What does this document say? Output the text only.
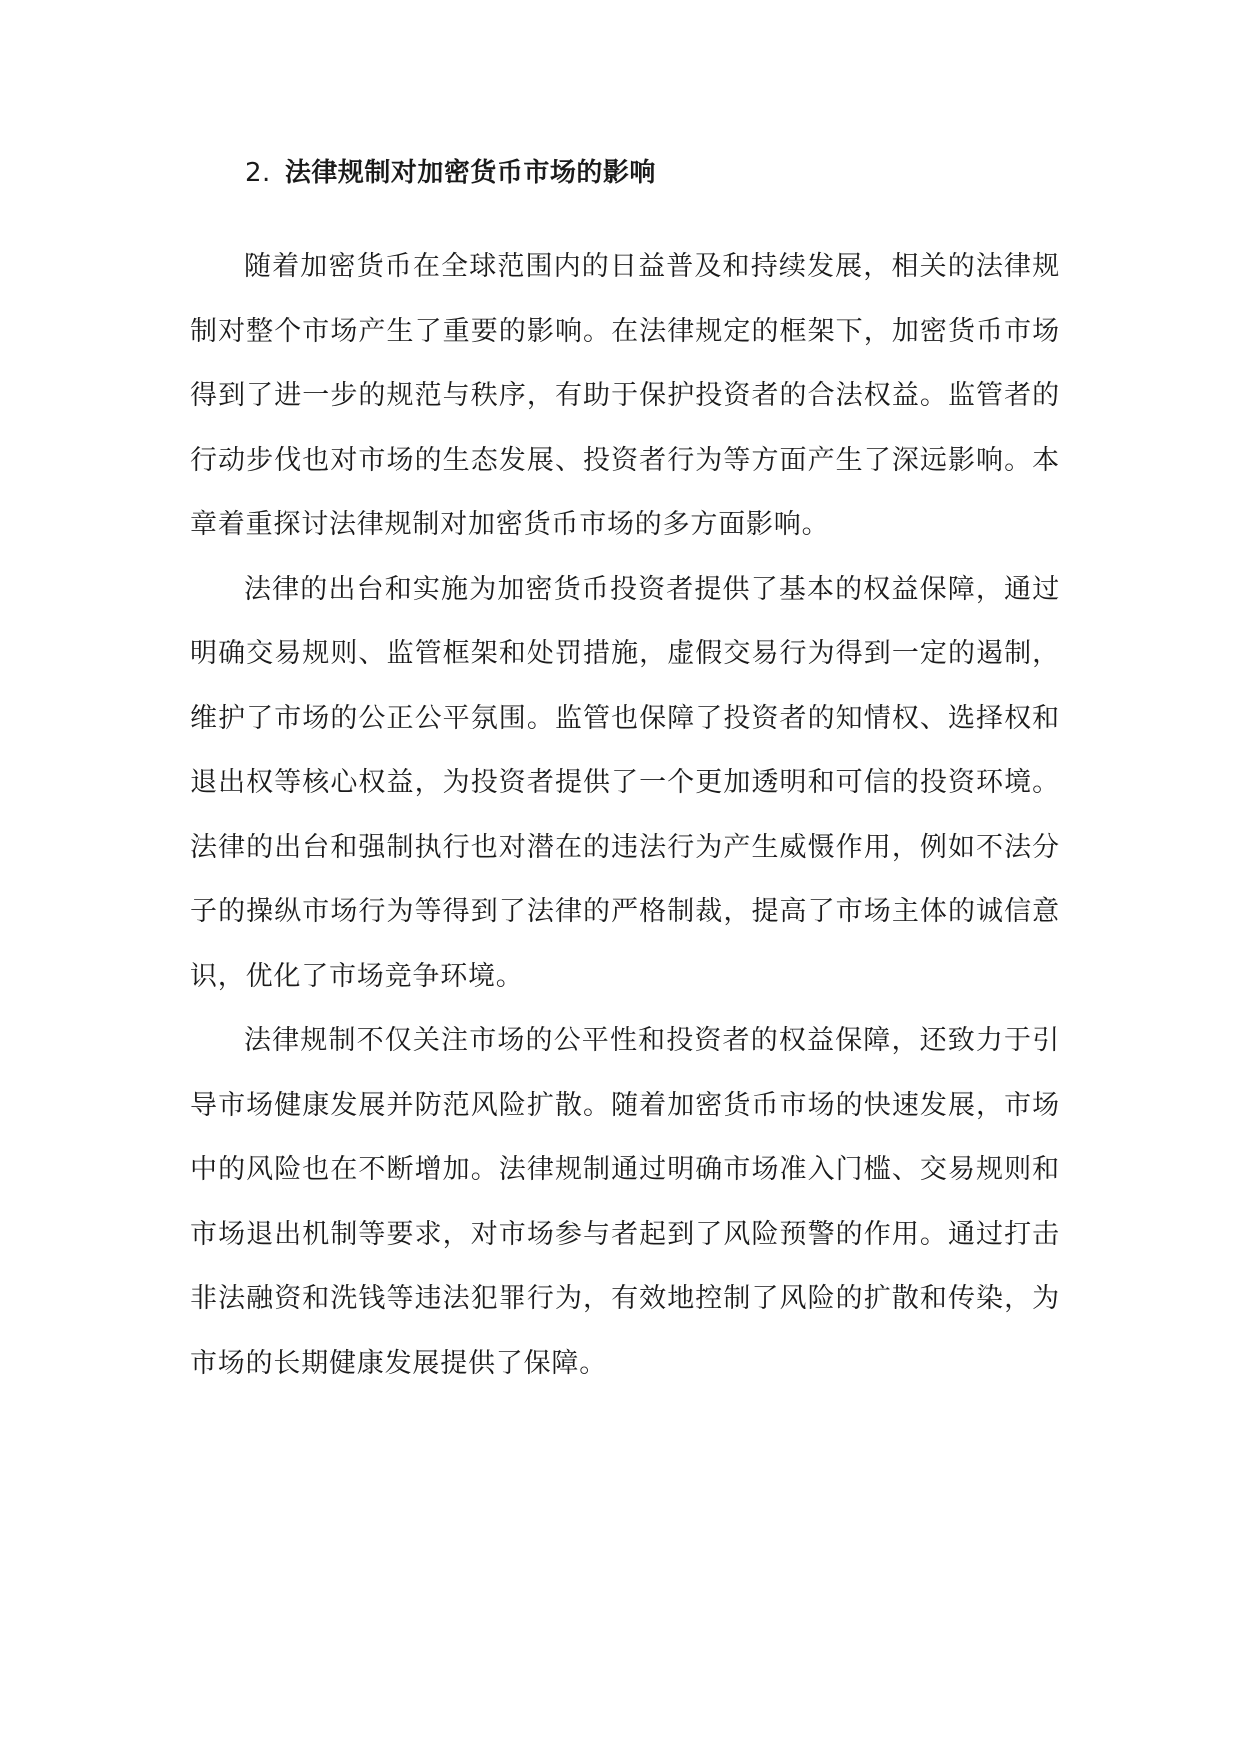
2. 法律规制对加密货币市场的影响

随着加密货币在全球范围内的日益普及和持续发展，相关的法律规制对整个市场产生了重要的影响。在法律规定的框架下，加密货币市场得到了进一步的规范与秩序，有助于保护投资者的合法权益。监管者的行动步伐也对市场的生态发展、投资者行为等方面产生了深远影响。本章着重探讨法律规制对加密货币市场的多方面影响。

法律的出台和实施为加密货币投资者提供了基本的权益保障，通过明确交易规则、监管框架和处罚措施，虚假交易行为得到一定的遏制，维护了市场的公正公平氛围。监管也保障了投资者的知情权、选择权和退出权等核心权益，为投资者提供了一个更加透明和可信的投资环境。法律的出台和强制执行也对潜在的违法行为产生威慑作用，例如不法分子的操纵市场行为等得到了法律的严格制裁，提高了市场主体的诚信意识，优化了市场竞争环境。

法律规制不仅关注市场的公平性和投资者的权益保障，还致力于引导市场健康发展并防范风险扩散。随着加密货币市场的快速发展，市场中的风险也在不断增加。法律规制通过明确市场准入门槛、交易规则和市场退出机制等要求，对市场参与者起到了风险预警的作用。通过打击非法融资和洗钱等违法犯罪行为，有效地控制了风险的扩散和传染，为市场的长期健康发展提供了保障。
